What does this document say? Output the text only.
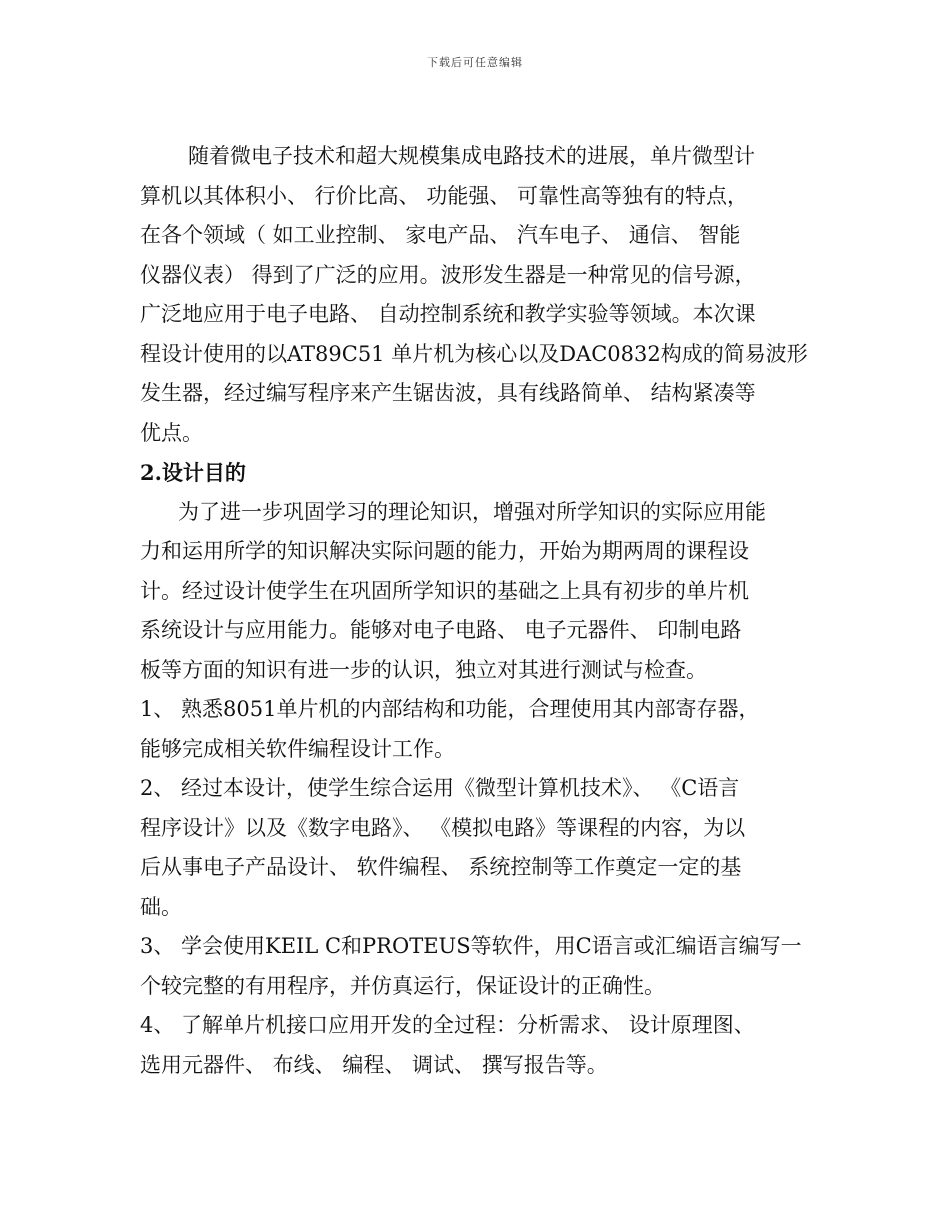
下载后可任意编辑
随着微电子技术和超大规模集成电路技术的进展，单片微型计
算机以其体积小、 行价比高、 功能强、 可靠性高等独有的特点，
在各个领域（ 如工业控制、 家电产品、 汽车电子、 通信、 智能
仪器仪表） 得到了广泛的应用。波形发生器是一种常见的信号源，
广泛地应用于电子电路、 自动控制系统和教学实验等领域。本次课
程设计使用的以AT89C51 单片机为核心以及DAC0832构成的简易波形
发生器，经过编写程序来产生锯齿波，具有线路简单、 结构紧凑等
优点。
2.设计目的
为了进一步巩固学习的理论知识，增强对所学知识的实际应用能
力和运用所学的知识解决实际问题的能力，开始为期两周的课程设
计。经过设计使学生在巩固所学知识的基础之上具有初步的单片机
系统设计与应用能力。能够对电子电路、 电子元器件、 印制电路
板等方面的知识有进一步的认识，独立对其进行测试与检查。
1、 熟悉8051单片机的内部结构和功能，合理使用其内部寄存器，
能够完成相关软件编程设计工作。
2、 经过本设计，使学生综合运用《微型计算机技术》、 《C语言
程序设计》以及《数字电路》、 《模拟电路》等课程的内容，为以
后从事电子产品设计、 软件编程、 系统控制等工作奠定一定的基
础。
3、 学会使用KEIL C和PROTEUS等软件，用C语言或汇编语言编写一
个较完整的有用程序，并仿真运行，保证设计的正确性。
4、 了解单片机接口应用开发的全过程：分析需求、 设计原理图、
选用元器件、 布线、 编程、 调试、 撰写报告等。
